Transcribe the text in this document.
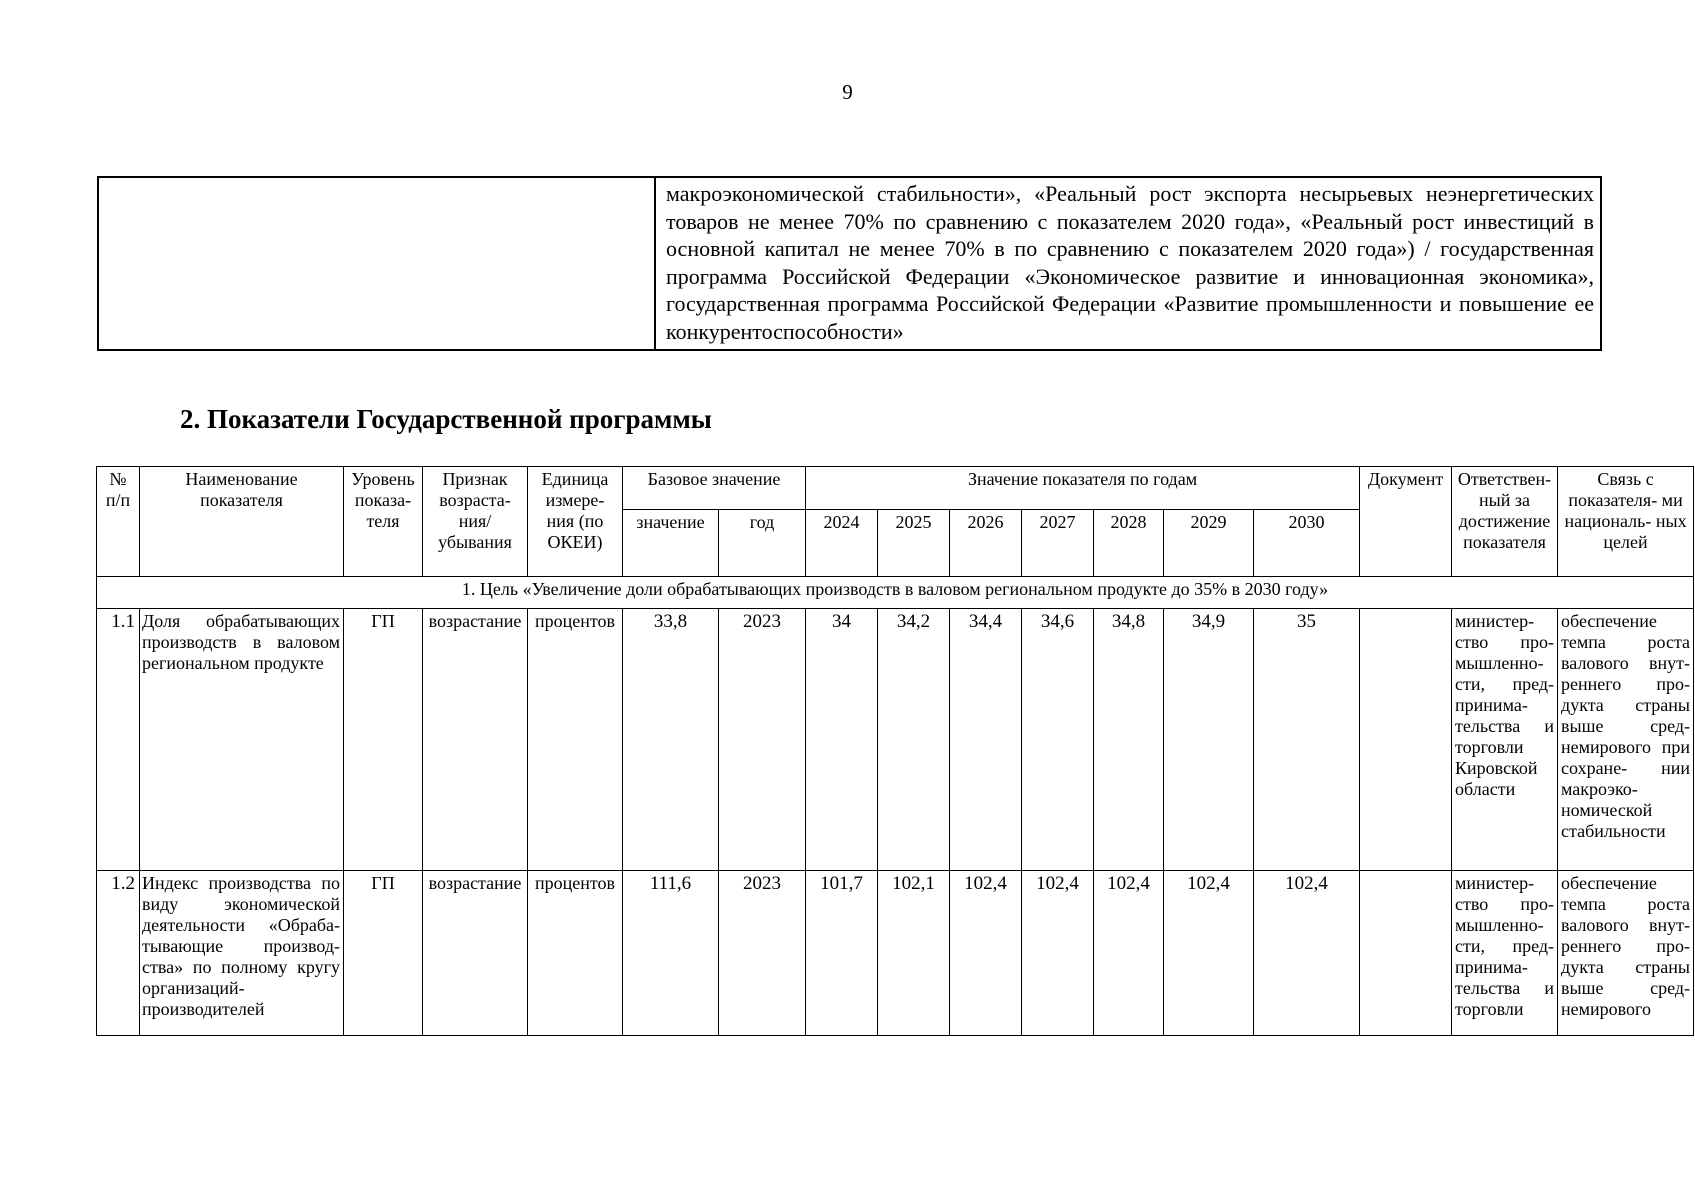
9
	макроэкономической стабильности», «Реальный рост экспорта несырьевых неэнергетических товаров не менее 70% по сравнению с показателем 2020 года», «Реальный рост инвестиций в основной капитал не менее 70% в по сравнению с показателем 2020 года») / государственная программа Российской Федерации «Экономическое развитие и инновационная экономика», государственная программа Российской Федерации «Развитие промышленности и повышение ее конкурентоспособности»
2. Показатели Государственной программы
№ п/п	Наименование показателя	Уровень показа- теля	Признак возраста- ния/ убывания	Единица измере- ния (по ОКЕИ)	Базовое значение		Значение показателя по годам							Документ	Ответствен- ный за достижение показателя	Связь с показателя- ми националь- ных целей
					значение	год	2024	2025	2026	2027	2028	2029	2030			
1. Цель «Увеличение доли обрабатывающих производств в валовом региональном продукте до 35% в 2030 году»																
1.1	Доля обрабатывающих производств в валовом региональном продукте	ГП	возрастание	процентов	33,8	2023	34	34,2	34,4	34,6	34,8	34,9	35		министер- ство про- мышленно- сти, пред- принима- тельства и торговли Кировской области	обеспечение темпа роста валового внут- реннего про- дукта страны выше сред- немирового при сохране- нии макроэко- номической стабильности
1.2	Индекс производства по виду экономической деятельности «Обраба- тывающие производ- ства» по полному кругу организаций- производителей	ГП	возрастание	процентов	111,6	2023	101,7	102,1	102,4	102,4	102,4	102,4	102,4		министер- ство про- мышленно- сти, пред- принима- тельства и торговли	обеспечение темпа роста валового внут- реннего про- дукта страны выше сред- немирового
